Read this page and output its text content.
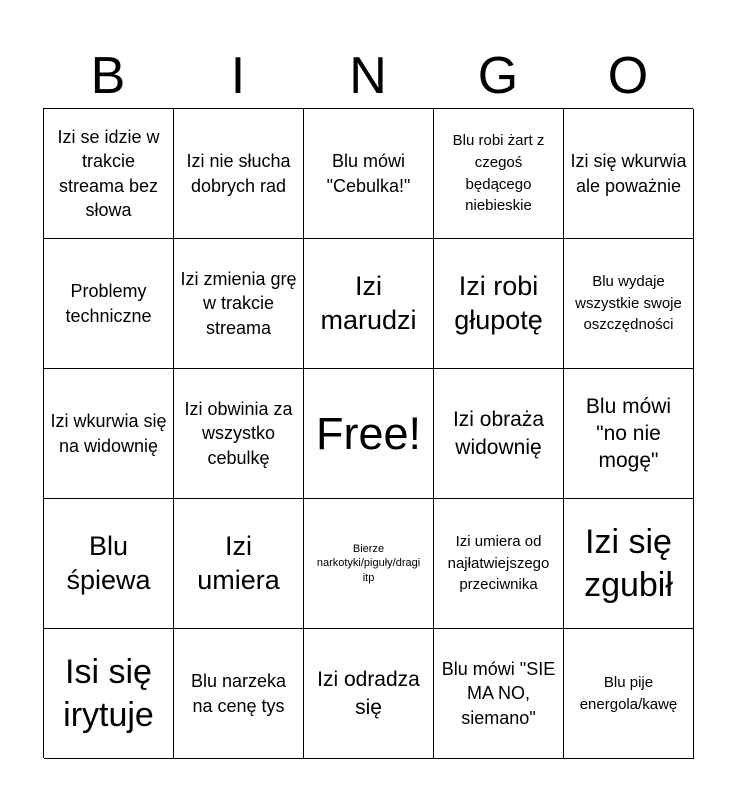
B	I	N	G	O
Izi se idzie w trakcie streama bez słowa
Izi nie słucha dobrych rad
Blu mówi "Cebulka!"
Blu robi żart z czegoś będącego niebieskie
Izi się wkurwia ale poważnie
Problemy techniczne
Izi zmienia grę w trakcie streama
Izi marudzi
Izi robi głupotę
Blu wydaje wszystkie swoje oszczędności
Izi wkurwia się na widownię
Izi obwinia za wszystko cebulkę	Free!	Izi obraża widownię
Blu mówi "no nie mogę"
Blu śpiewa
Izi umiera
Bierze narkotyki/piguły/dragi itp
Izi umiera od najłatwiejszego przeciwnika
Izi się zgubił
Isi się irytuje
Blu narzeka na cenę tys
Izi odradza się
Blu mówi "SIE MA NO, siemano"
Blu pije energola/kawę
